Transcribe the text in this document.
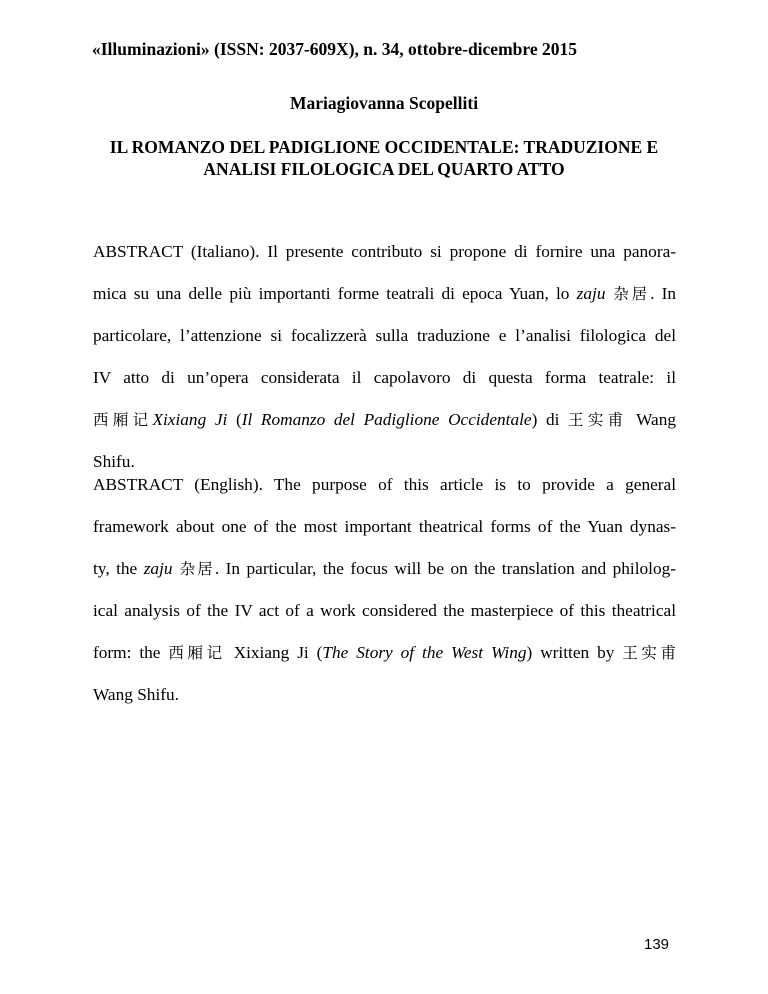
«Illuminazioni» (ISSN: 2037-609X), n. 34, ottobre-dicembre 2015
Mariagiovanna Scopelliti
IL ROMANZO DEL PADIGLIONE OCCIDENTALE: TRADUZIONE E
ANALISI FILOLOGICA DEL QUARTO ATTO
ABSTRACT (Italiano). Il presente contributo si propone di fornire una panora-
mica su una delle più importanti forme teatrali di epoca Yuan, lo zaju 杂居. In
particolare, l’attenzione si focalizzerà sulla traduzione e l’analisi filologica del
IV atto di un’opera considerata il capolavoro di questa forma teatrale: il
西厢记Xixiang Ji (Il Romanzo del Padiglione Occidentale) di 王实甫 Wang
Shifu.
ABSTRACT (English). The purpose of this article is to provide a general
framework about one of the most important theatrical forms of the Yuan dynas-
ty, the zaju 杂居. In particular, the focus will be on the translation and philolog-
ical analysis of the IV act of a work considered the masterpiece of this theatrical
form: the 西厢记 Xixiang Ji (The Story of the West Wing) written by 王实甫
Wang Shifu.
139
